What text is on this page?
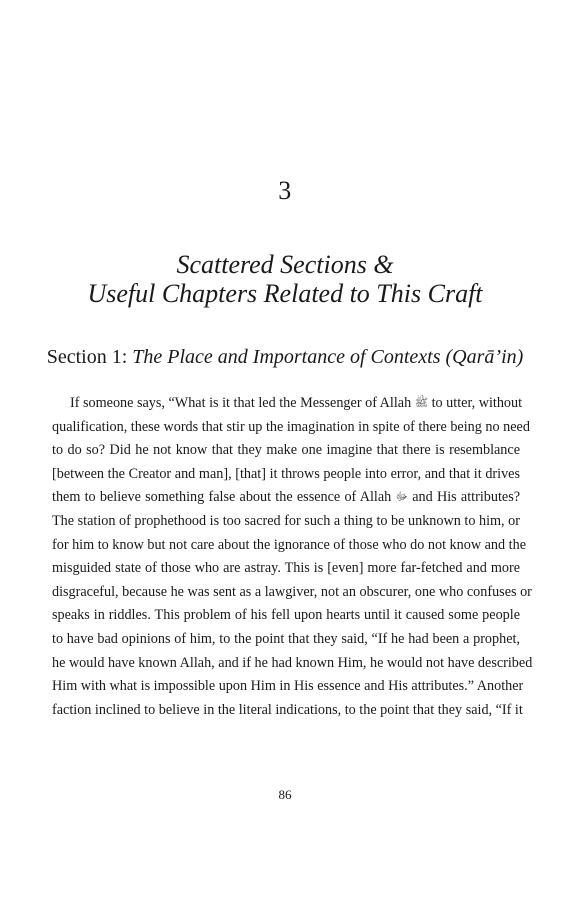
3
Scattered Sections &
Useful Chapters Related to This Craft
Section 1: The Place and Importance of Contexts (Qarā’in)
If someone says, “What is it that led the Messenger of Allah ﷺ to utter, without
qualification, these words that stir up the imagination in spite of there being no need
to do so? Did he not know that they make one imagine that there is resemblance
[between the Creator and man], [that] it throws people into error, and that it drives
them to believe something false about the essence of Allah ﷻ and His attributes?
The station of prophethood is too sacred for such a thing to be unknown to him, or
for him to know but not care about the ignorance of those who do not know and the
misguided state of those who are astray. This is [even] more far-fetched and more
disgraceful, because he was sent as a lawgiver, not an obscurer, one who confuses or
speaks in riddles. This problem of his fell upon hearts until it caused some people
to have bad opinions of him, to the point that they said, “If he had been a prophet,
he would have known Allah, and if he had known Him, he would not have described
Him with what is impossible upon Him in His essence and His attributes.” Another
faction inclined to believe in the literal indications, to the point that they said, “If it
86
